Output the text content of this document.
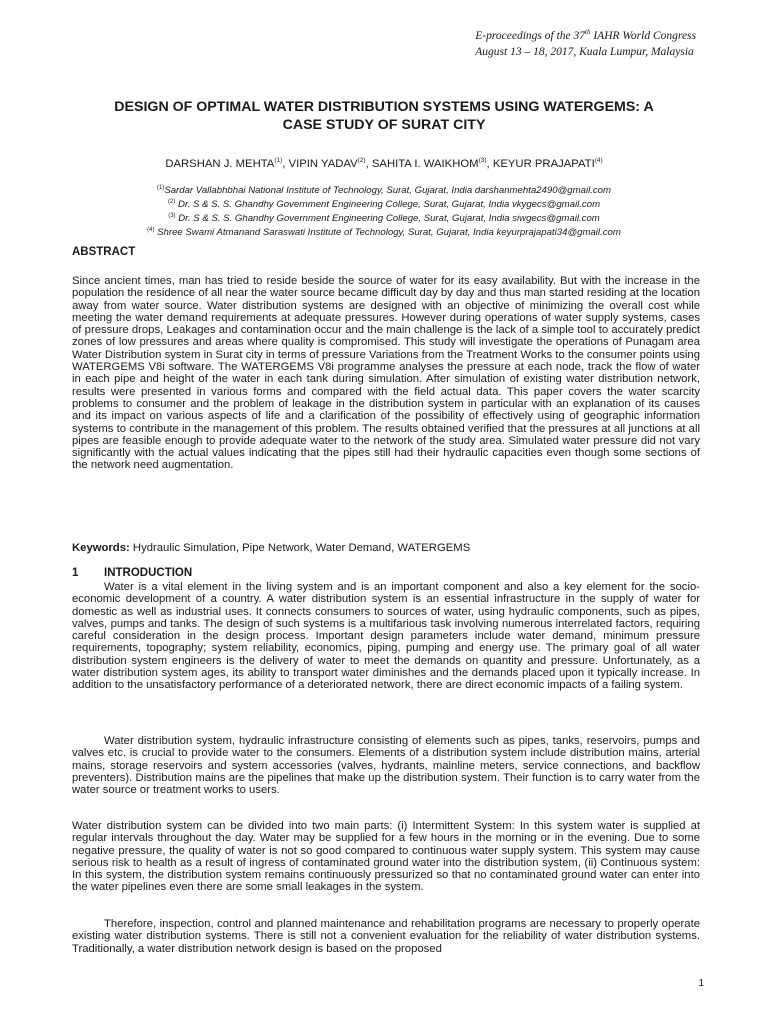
E-proceedings of the 37th IAHR World Congress
August 13 – 18, 2017, Kuala Lumpur, Malaysia
DESIGN OF OPTIMAL WATER DISTRIBUTION SYSTEMS USING WATERGEMS: A
CASE STUDY OF SURAT CITY
DARSHAN J. MEHTA$^{(1)}$, VIPIN YADAV$^{(2)}$, SAHITA I. WAIKHOM$^{(3)}$, KEYUR PRAJAPATI$^{(4)}$
$^{(1)}$Sardar Vallabhbhai National Institute of Technology, Surat, Gujarat, India darshanmehta2490@gmail.com
$^{(2)}$ Dr. S & S. S. Ghandhy Government Engineering College, Surat, Gujarat, India vkygecs@gmail.com
$^{(3)}$ Dr. S & S. S. Ghandhy Government Engineering College, Surat, Gujarat, India siwgecs@gmail.com
$^{(4)}$ Shree Swami Atmanand Saraswati Institute of Technology, Surat, Gujarat, India keyurprajapati34@gmail.com
ABSTRACT
Since ancient times, man has tried to reside beside the source of water for its easy availability. But with the increase in the population the residence of all near the water source became difficult day by day and thus man started residing at the location away from water source. Water distribution systems are designed with an objective of minimizing the overall cost while meeting the water demand requirements at adequate pressures. However during operations of water supply systems, cases of pressure drops, Leakages and contamination occur and the main challenge is the lack of a simple tool to accurately predict zones of low pressures and areas where quality is compromised. This study will investigate the operations of Punagam area Water Distribution system in Surat city in terms of pressure Variations from the Treatment Works to the consumer points using WATERGEMS V8i software. The WATERGEMS V8i programme analyses the pressure at each node, track the flow of water in each pipe and height of the water in each tank during simulation. After simulation of existing water distribution network, results were presented in various forms and compared with the field actual data. This paper covers the water scarcity problems to consumer and the problem of leakage in the distribution system in particular with an explanation of its causes and its impact on various aspects of life and a clarification of the possibility of effectively using of geographic information systems to contribute in the management of this problem. The results obtained verified that the pressures at all junctions at all pipes are feasible enough to provide adequate water to the network of the study area. Simulated water pressure did not vary significantly with the actual values indicating that the pipes still had their hydraulic capacities even though some sections of the network need augmentation.
Keywords: Hydraulic Simulation, Pipe Network, Water Demand, WATERGEMS
1 INTRODUCTION
Water is a vital element in the living system and is an important component and also a key element for the socio-economic development of a country. A water distribution system is an essential infrastructure in the supply of water for domestic as well as industrial uses. It connects consumers to sources of water, using hydraulic components, such as pipes, valves, pumps and tanks. The design of such systems is a multifarious task involving numerous interrelated factors, requiring careful consideration in the design process. Important design parameters include water demand, minimum pressure requirements, topography; system reliability, economics, piping, pumping and energy use. The primary goal of all water distribution system engineers is the delivery of water to meet the demands on quantity and pressure. Unfortunately, as a water distribution system ages, its ability to transport water diminishes and the demands placed upon it typically increase. In addition to the unsatisfactory performance of a deteriorated network, there are direct economic impacts of a failing system.
Water distribution system, hydraulic infrastructure consisting of elements such as pipes, tanks, reservoirs, pumps and valves etc. is crucial to provide water to the consumers. Elements of a distribution system include distribution mains, arterial mains, storage reservoirs and system accessories (valves, hydrants, mainline meters, service connections, and backflow preventers). Distribution mains are the pipelines that make up the distribution system. Their function is to carry water from the water source or treatment works to users.
Water distribution system can be divided into two main parts: (i) Intermittent System: In this system water is supplied at regular intervals throughout the day. Water may be supplied for a few hours in the morning or in the evening. Due to some negative pressure, the quality of water is not so good compared to continuous water supply system. This system may cause serious risk to health as a result of ingress of contaminated ground water into the distribution system, (ii) Continuous system: In this system, the distribution system remains continuously pressurized so that no contaminated ground water can enter into the water pipelines even there are some small leakages in the system.
Therefore, inspection, control and planned maintenance and rehabilitation programs are necessary to properly operate existing water distribution systems. There is still not a convenient evaluation for the reliability of water distribution systems. Traditionally, a water distribution network design is based on the proposed
1
